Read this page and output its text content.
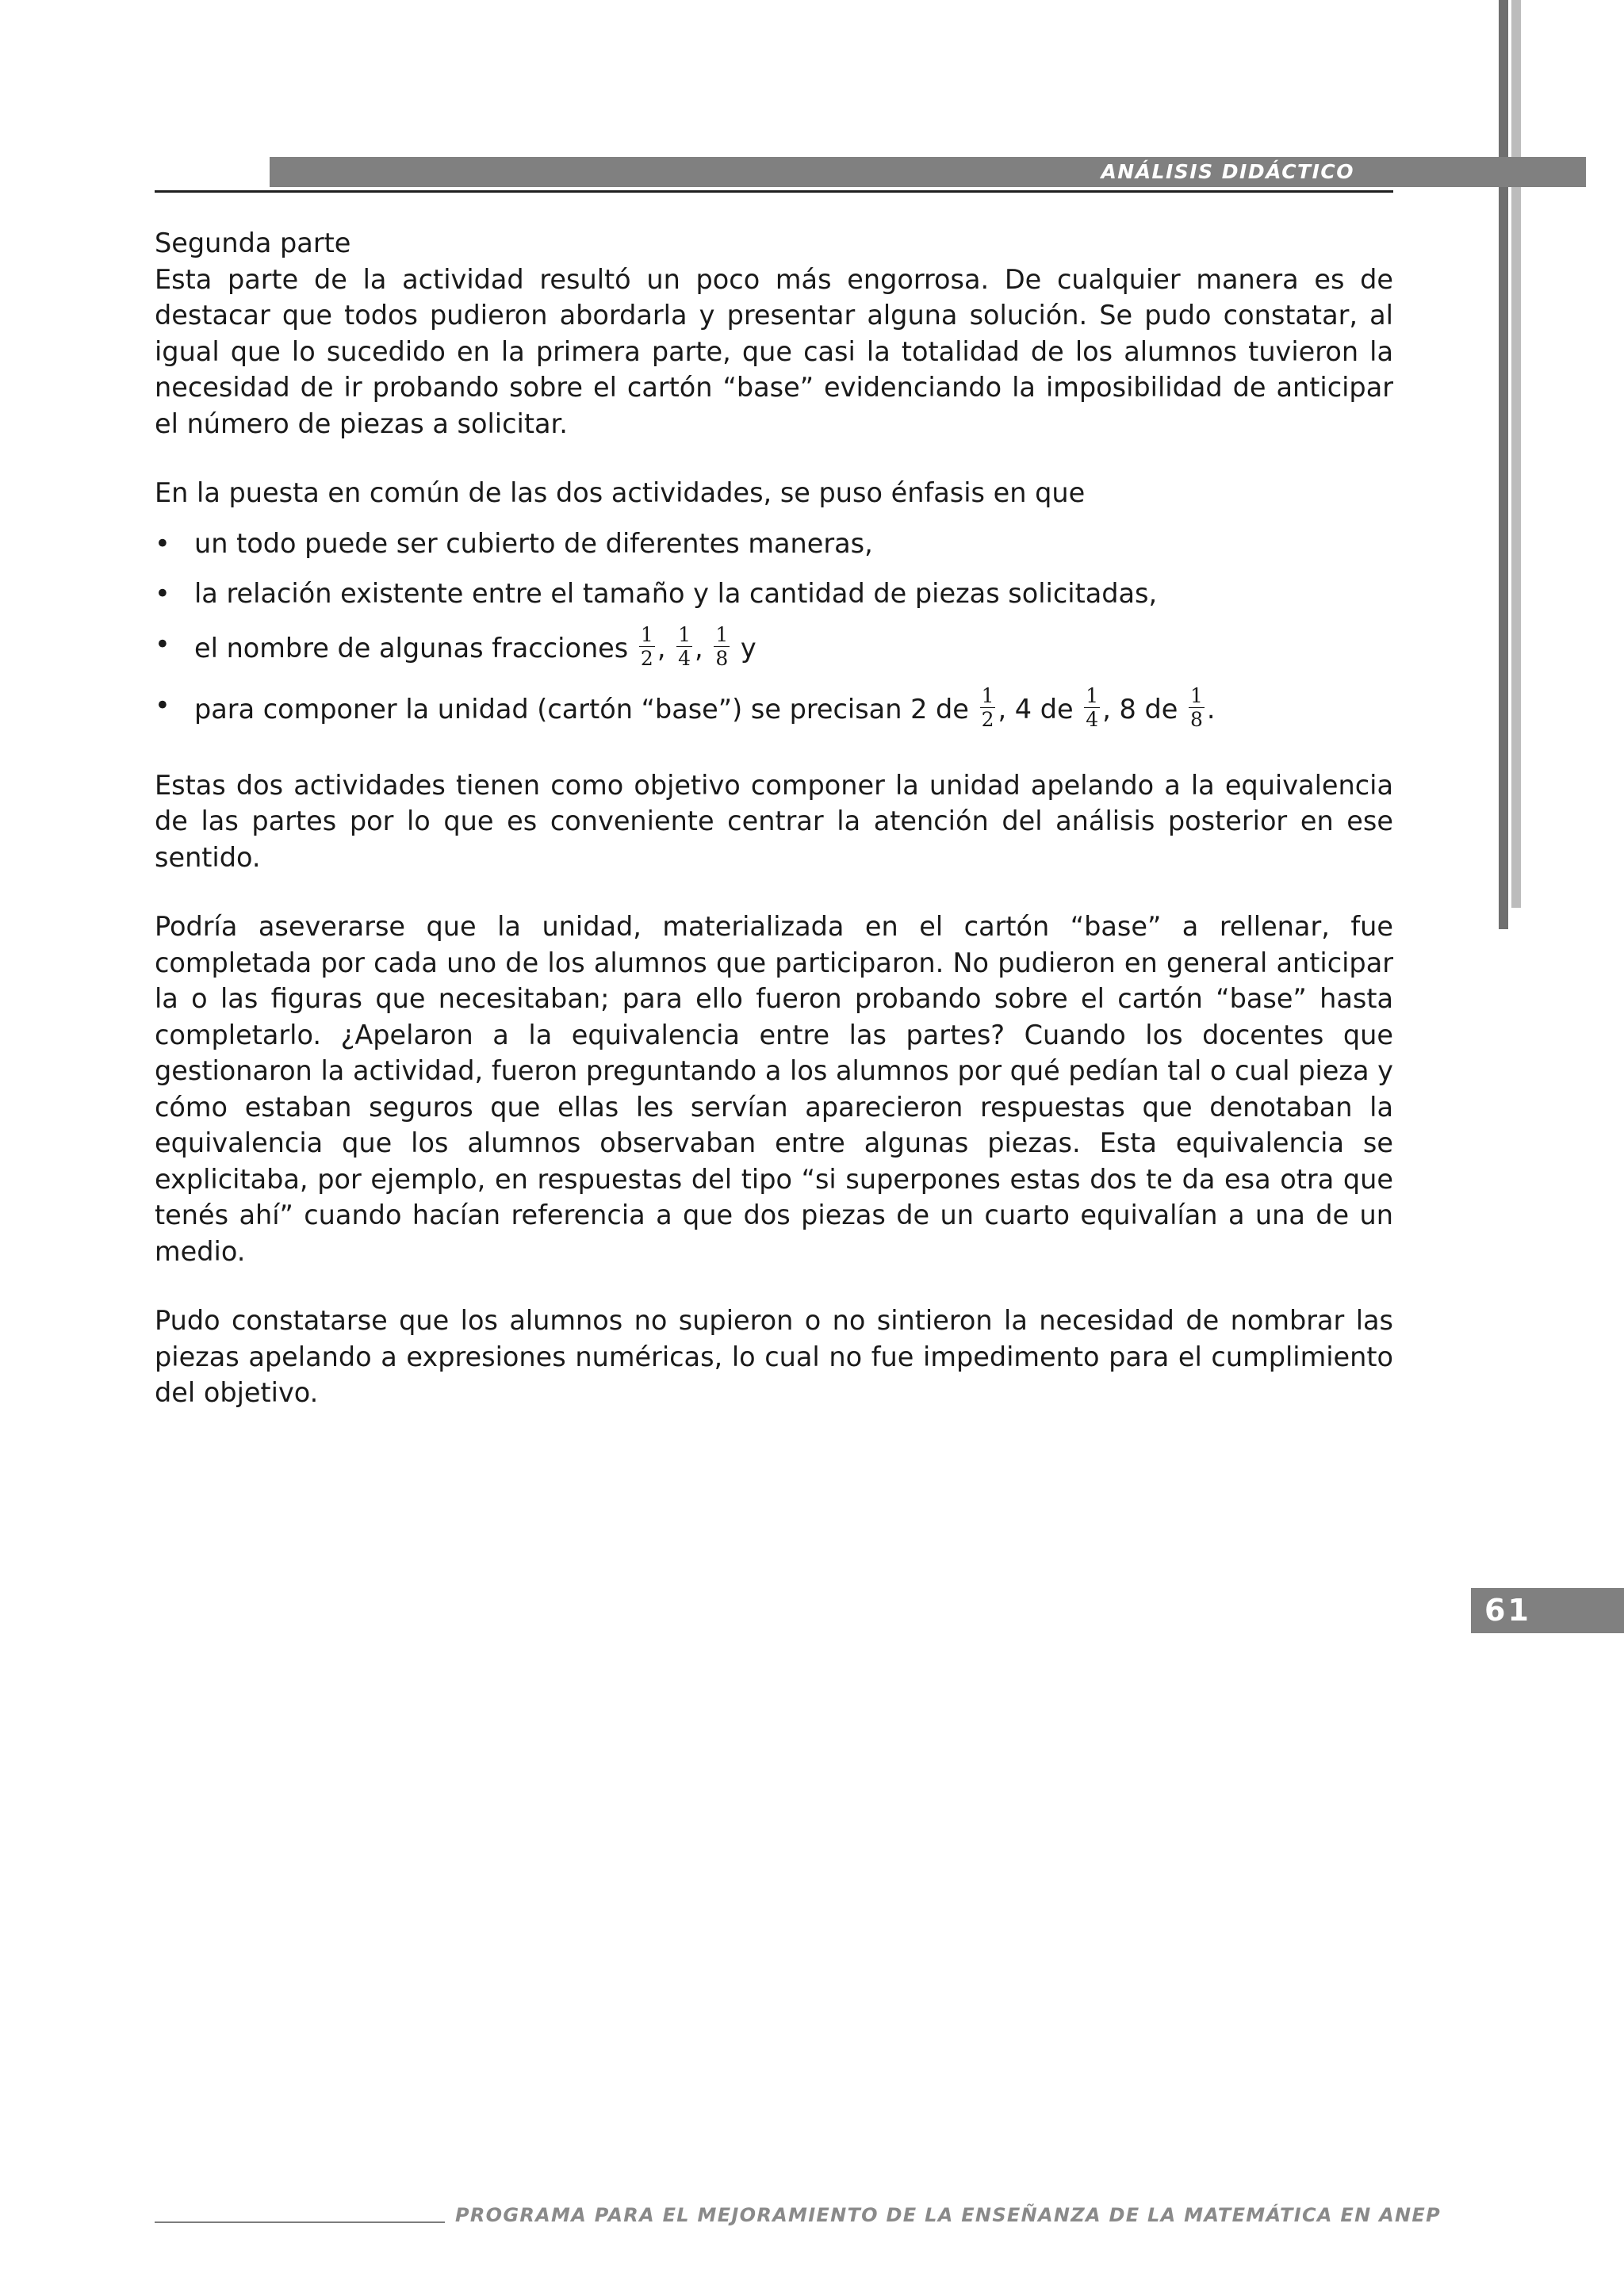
ANÁLISIS DIDÁCTICO

Segunda parte

Esta parte de la actividad resultó un poco más engorrosa. De cualquier manera es de destacar que todos pudieron abordarla y presentar alguna solución. Se pudo constatar, al igual que lo sucedido en la primera parte, que casi la totalidad de los alumnos tuvieron la necesidad de ir probando sobre el cartón “base” evidenciando la imposibilidad de anticipar el número de piezas a solicitar.

En la puesta en común de las dos actividades, se puso énfasis en que

• un todo puede ser cubierto de diferentes maneras,
• la relación existente entre el tamaño y la cantidad de piezas solicitadas,
• el nombre de algunas fracciones $\frac{1}{2}$ , $\frac{1}{4}$ , $\frac{1}{8}$ y
• para componer la unidad (cartón “base”) se precisan 2 de $\frac{1}{2}$ , 4 de $\frac{1}{4}$ , 8 de $\frac{1}{8}$ .

Estas dos actividades tienen como objetivo componer la unidad apelando a la equivalencia de las partes por lo que es conveniente centrar la atención del análisis posterior en ese sentido.

Podría aseverarse que la unidad, materializada en el cartón “base” a rellenar, fue completada por cada uno de los alumnos que participaron. No pudieron en general anticipar la o las figuras que necesitaban; para ello fueron probando sobre el cartón “base” hasta completarlo. ¿Apelaron a la equivalencia entre las partes? Cuando los docentes que gestionaron la actividad, fueron preguntando a los alumnos por qué pedían tal o cual pieza y cómo estaban seguros que ellas les servían aparecieron respuestas que denotaban la equivalencia que los alumnos observaban entre algunas piezas. Esta equivalencia se explicitaba, por ejemplo, en respuestas del tipo “si superpones estas dos te da esa otra que tenés ahí” cuando hacían referencia a que dos piezas de un cuarto equivalían a una de un medio.

Pudo constatarse que los alumnos no supieron o no sintieron la necesidad de nombrar las piezas apelando a expresiones numéricas, lo cual no fue impedimento para el cumplimiento del objetivo.

61
PROGRAMA PARA EL MEJORAMIENTO DE LA ENSEÑANZA DE LA MATEMÁTICA EN ANEP
